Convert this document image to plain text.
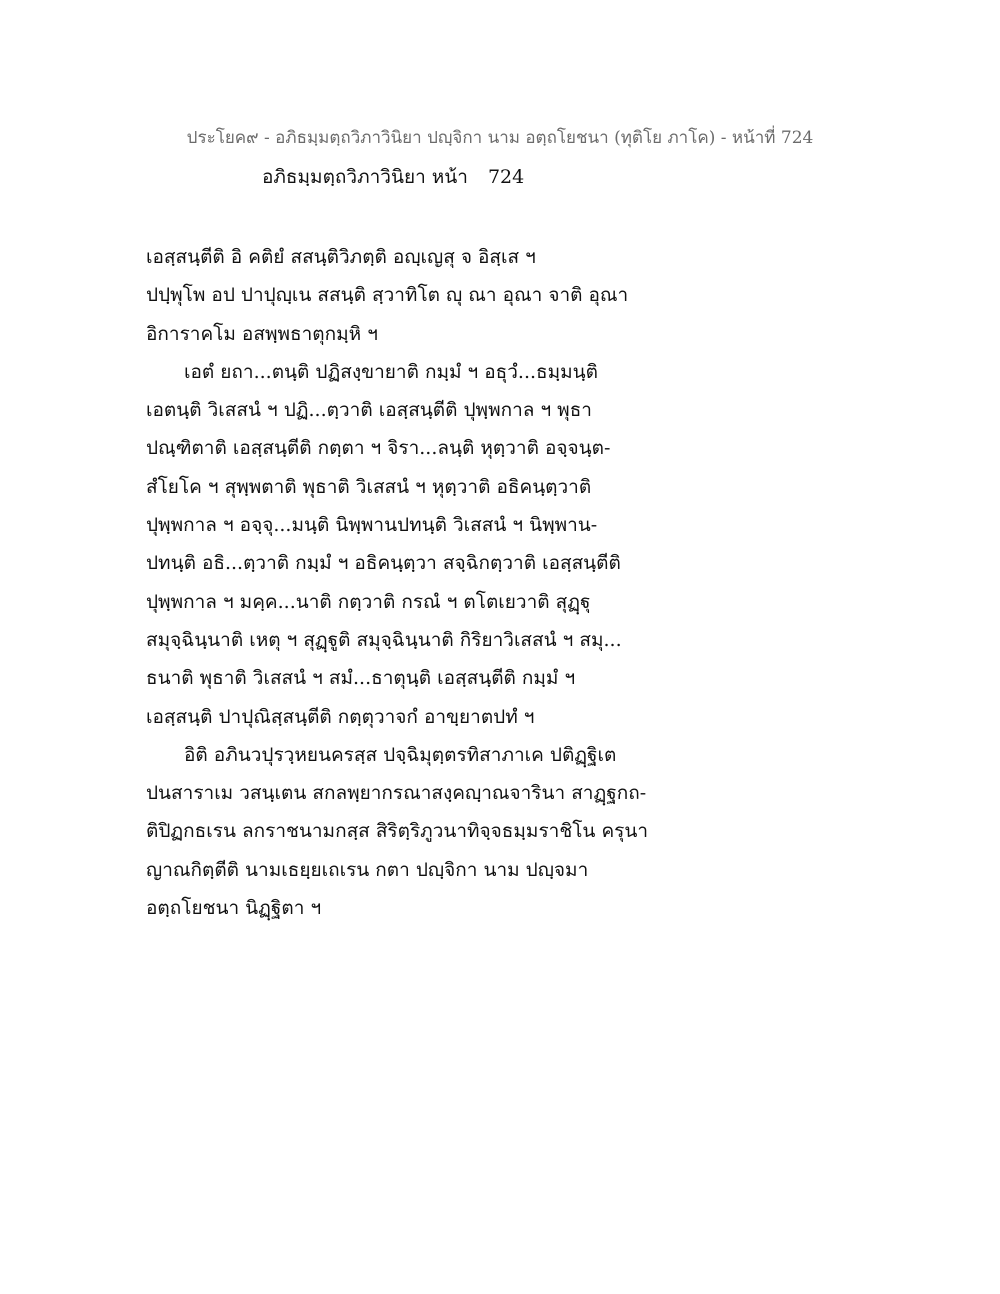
ประโยค๙ - อภิธมฺมตฺถวิภาวินิยา ปญฺจิกา นาม อตฺถโยชนา (ทุติโย ภาโค) - หน้าที่ 724
อภิธมฺมตฺถวิภาวินิยา หน้า 724
เอสฺสนฺตีติ อิ คติยํ สสนฺติวิภตฺติ อญฺเญสุ จ อิสฺเส ฯ
ปปฺพุโพ อป ปาปุญฺเน สสนฺติ สฺวาทิโต ญุ ณา อุณา จาติ อุณา
อิการาคโม อสพฺพธาตุกมฺหิ ฯ
เอตํ ยถา...ตนฺติ ปฏิสงฺขายาติ กมฺมํ ฯ อธุวํ...ธมฺมนฺติ
เอตนฺติ วิเสสนํ ฯ ปฏิ...ตฺวาติ เอสฺสนฺตีติ ปุพฺพกาล ฯ พุธา
ปณฺฑิตาติ เอสฺสนฺตีติ กตฺตา ฯ จิรา...ลนฺติ หุตฺวาติ อจฺจนฺต-
สํโยโค ฯ สุพฺพตาติ พุธาติ วิเสสนํ ฯ หุตฺวาติ อธิคนฺตฺวาติ
ปุพฺพกาล ฯ อจฺจุ...มนฺติ นิพฺพานปทนฺติ วิเสสนํ ฯ นิพฺพาน-
ปทนฺติ อธิ...ตฺวาติ กมฺมํ ฯ อธิคนฺตฺวา สจฺฉิกตฺวาติ เอสฺสนฺตีติ
ปุพฺพกาล ฯ มคฺค...นาติ กตฺวาติ กรณํ ฯ ตโตเยวาติ สุฏฺฐุ
สมุจฺฉินฺนาติ เหตุ ฯ สุฏฺฐูติ สมุจฺฉินฺนาติ กิริยาวิเสสนํ ฯ สมุ...
ธนาติ พุธาติ วิเสสนํ ฯ สมํ...ธาตุนฺติ เอสฺสนฺตีติ กมฺมํ ฯ
เอสฺสนฺติ ปาปุณิสฺสนฺตีติ กตฺตุวาจกํ อาขฺยาตปทํ ฯ
อิติ อภินวปุรวฺหยนครสฺส ปจฺฉิมุตฺตรทิสาภาเค ปติฏฺฐิเต
ปนสาราเม วสนฺเตน สกลพฺยากรณาสงฺคญฺาณจารินา สาฏฺฐกถ-
ติปิฏกธเรน ลกราชนามกสฺส สิริตฺริภูวนาทิจฺจธมฺมราชิโน ครุนา
ญาณกิตฺตีติ นามเธยฺยเถเรน กตา ปญฺจิกา นาม ปญฺจมา
อตฺถโยชนา นิฏฺฐิตา ฯ
